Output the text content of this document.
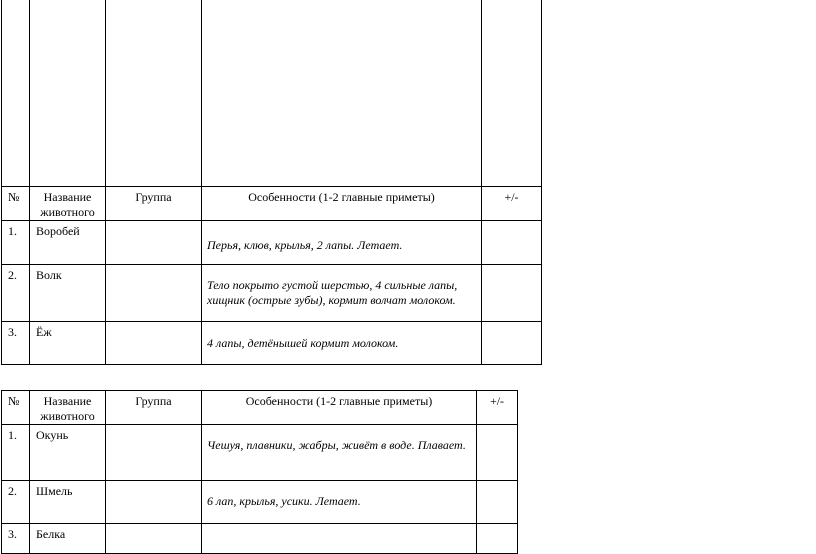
№	Название животного	Группа	Особенности (1-2 главные приметы)	+/-
1.	Воробей		Перья, клюв, крылья, 2 лапы. Летает.	
2.	Волк		Тело покрыто густой шерстью, 4 сильные лапы, хищник (острые зубы), кормит волчат молоком.	
3.	Ёж		4 лапы, детёнышей кормит молоком.	
№	Название животного	Группа	Особенности (1-2 главные приметы)	+/-
1.	Окунь		Чешуя, плавники, жабры, живёт в воде. Плавает.	
2.	Шмель		6 лап, крылья, усики. Летает.	
3.	Белка			
